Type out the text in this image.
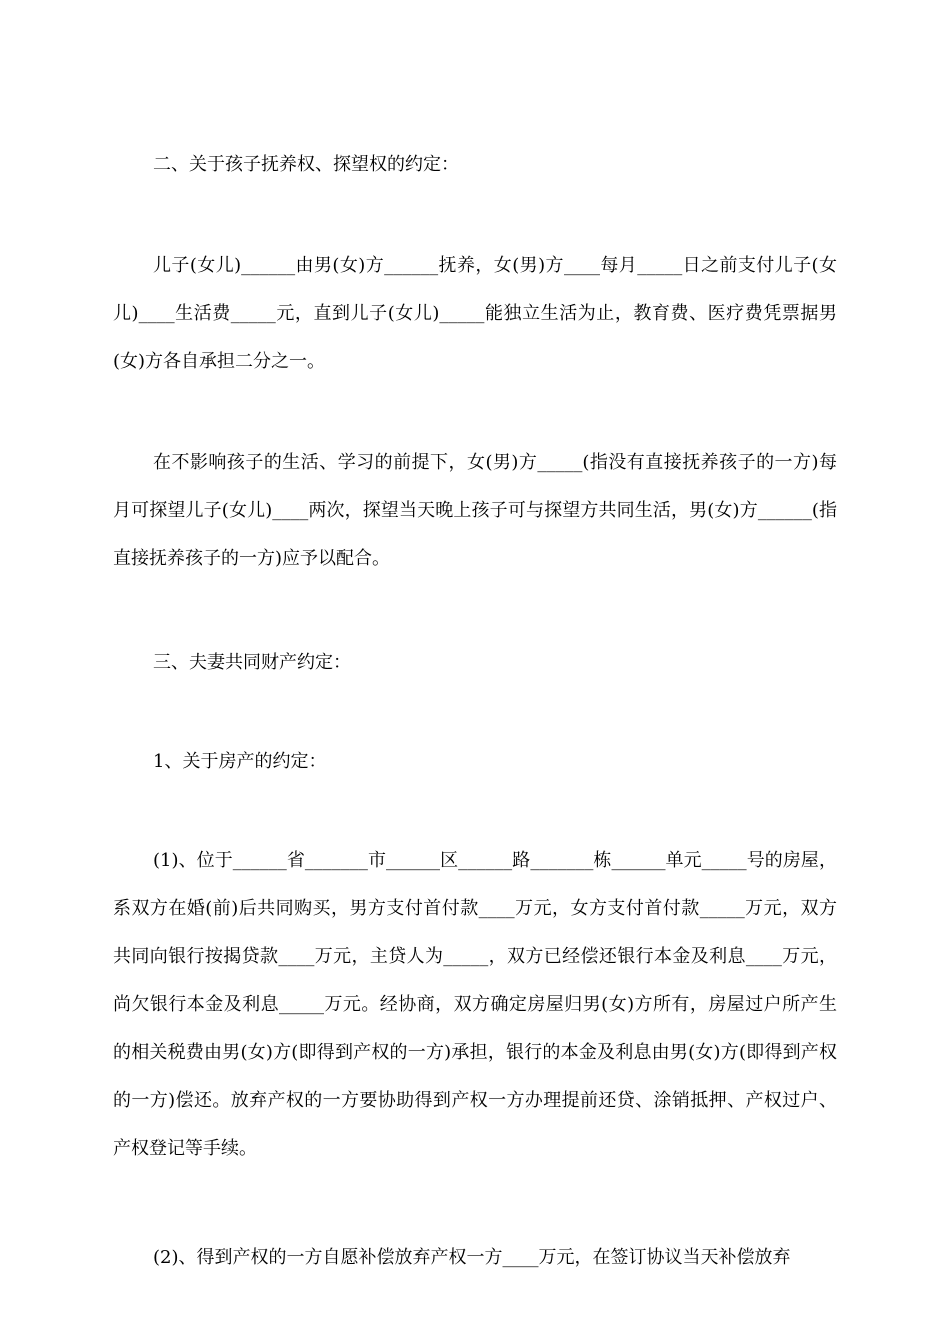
二、关于孩子抚养权、探望权的约定：

儿子(女儿)______由男(女)方______抚养，女(男)方____每月_____日之前支付儿子(女儿)____生活费_____元，直到儿子(女儿)_____能独立生活为止，教育费、医疗费凭票据男(女)方各自承担二分之一。

在不影响孩子的生活、学习的前提下，女(男)方_____(指没有直接抚养孩子的一方)每月可探望儿子(女儿)____两次，探望当天晚上孩子可与探望方共同生活，男(女)方______(指直接抚养孩子的一方)应予以配合。

三、夫妻共同财产约定：

1、关于房产的约定：

(1)、位于______省_______市______区______路_______栋______单元_____号的房屋，系双方在婚(前)后共同购买，男方支付首付款____万元，女方支付首付款_____万元，双方共同向银行按揭贷款____万元，主贷人为_____，双方已经偿还银行本金及利息____万元，尚欠银行本金及利息_____万元。经协商，双方确定房屋归男(女)方所有，房屋过户所产生的相关税费由男(女)方(即得到产权的一方)承担，银行的本金及利息由男(女)方(即得到产权的一方)偿还。放弃产权的一方要协助得到产权一方办理提前还贷、涂销抵押、产权过户、产权登记等手续。

(2)、得到产权的一方自愿补偿放弃产权一方____万元，在签订协议当天补偿放弃
